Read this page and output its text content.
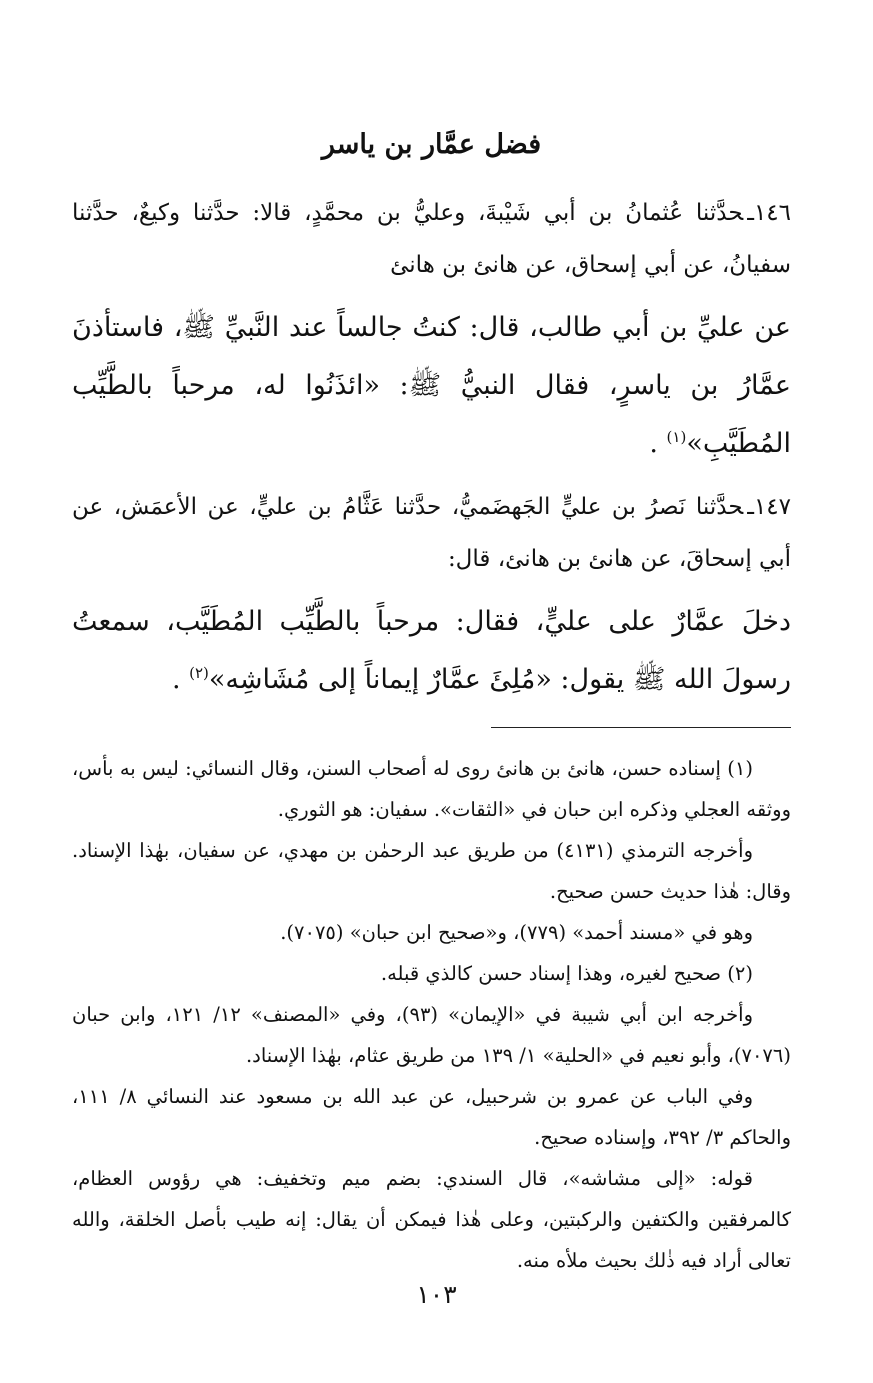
فضل عمَّار بن ياسر

١٤٦ـحدَّثنا عُثمانُ بن أبي شَيْبةَ، وعليُّ بن محمَّدٍ، قالا: حدَّثنا وكيعٌ، حدَّثنا سفيانُ، عن أبي إسحاق، عن هانئ بن هانئ

عن عليِّ بن أبي طالب، قال: كنتُ جالساً عند النَّبيِّ ﷺ، فاستأذنَ عمَّارُ بن ياسرٍ، فقال النبيُّ ﷺ: «ائذَنُوا له، مرحباً بالطَّيِّب المُطَيَّبِ»$^{(١)}$ .

١٤٧ـحدَّثنا نَصرُ بن عليٍّ الجَهضَميُّ، حدَّثنا عَثَّامُ بن عليٍّ، عن الأعمَش، عن أبي إسحاقَ، عن هانئ بن هانئ، قال:

دخلَ عمَّارٌ على عليٍّ، فقال: مرحباً بالطَّيِّب المُطَيَّب، سمعتُ رسولَ الله ﷺ يقول: «مُلِئَ عمَّارٌ إيماناً إلى مُشَاشِه»$^{(٢)}$ .

(١) إسناده حسن، هانئ بن هانئ روى له أصحاب السنن، وقال النسائي: ليس به بأس، ووثقه العجلي وذكره ابن حبان في «الثقات». سفيان: هو الثوري.

وأخرجه الترمذي (٤١٣١) من طريق عبد الرحمٰن بن مهدي، عن سفيان، بهٰذا الإسناد. وقال: هٰذا حديث حسن صحيح.

وهو في «مسند أحمد» (٧٧٩)، و«صحيح ابن حبان» (٧٠٧٥).

(٢) صحيح لغيره، وهذا إسناد حسن كالذي قبله.

وأخرجه ابن أبي شيبة في «الإيمان» (٩٣)، وفي «المصنف» ١٢/ ١٢١، وابن حبان (٧٠٧٦)، وأبو نعيم في «الحلية» ١/ ١٣٩ من طريق عثام، بهٰذا الإسناد.

وفي الباب عن عمرو بن شرحبيل، عن عبد الله بن مسعود عند النسائي ٨/ ١١١، والحاكم ٣/ ٣٩٢، وإسناده صحيح.

قوله: «إلى مشاشه»، قال السندي: بضم ميم وتخفيف: هي رؤوس العظام، كالمرفقين والكتفين والركبتين، وعلى هٰذا فيمكن أن يقال: إنه طيب بأصل الخلقة، والله تعالى أراد فيه ذٰلك بحيث ملأه منه.

١٠٣
